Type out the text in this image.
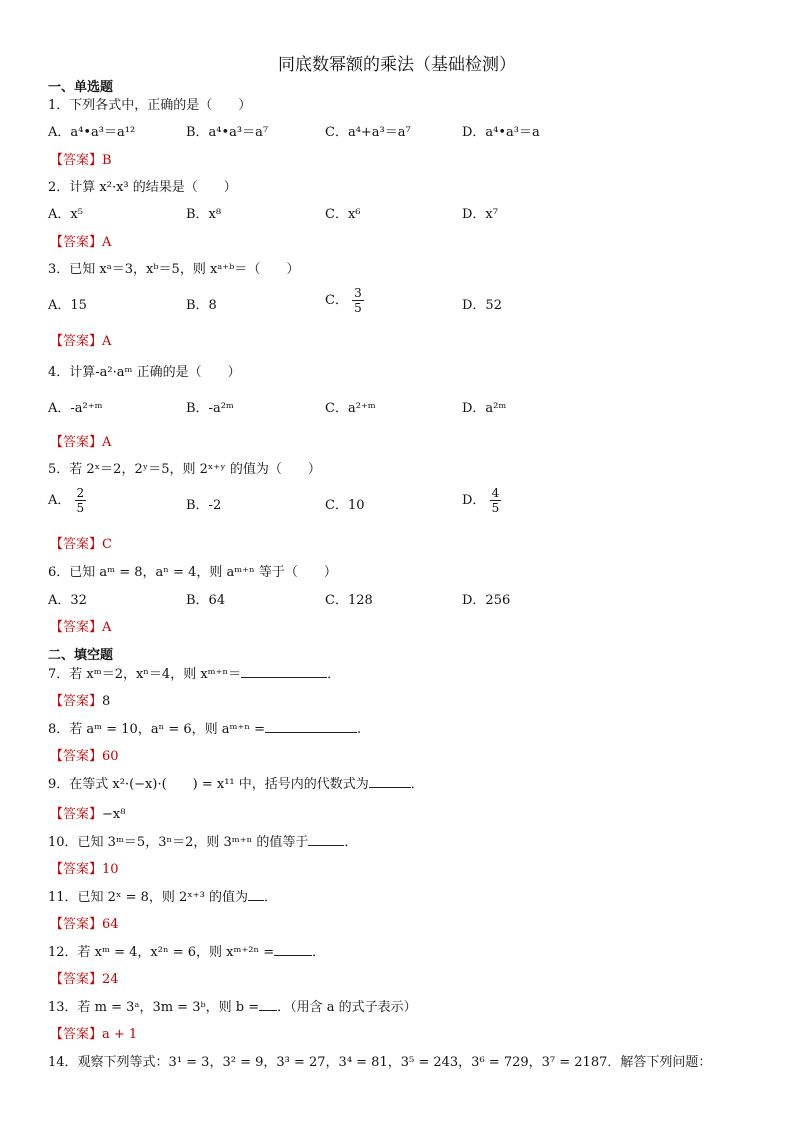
同底数幂额的乘法（基础检测）
一、单选题
1．下列各式中，正确的是（　　）
A．a⁴•a³＝a¹²	B．a⁴•a³＝a⁷	C．a⁴+a³＝a⁷	D．a⁴•a³＝a
【答案】B
2．计算 x²·x³ 的结果是（　　）
A．x⁵	B．x⁸	C．x⁶	D．x⁷
【答案】A
3．已知 xᵃ＝3，xᵇ＝5，则 xᵃ⁺ᵇ＝（　　）
A．15	B．8	C． $\frac{3}{5}$	D．52
【答案】A
4．计算-a²·aᵐ 正确的是（　　）
A．-a²⁺ᵐ	B．-a²ᵐ	C．a²⁺ᵐ	D．a²ᵐ
【答案】A
5．若 2ˣ＝2，2ʸ＝5，则 2ˣ⁺ʸ 的值为（　　）
A． $\frac{2}{5}$	B．-2	C．10	D． $\frac{4}{5}$
【答案】C
6．已知 aᵐ = 8，aⁿ = 4，则 aᵐ⁺ⁿ 等于（　　）
A．32	B．64	C．128	D．256
【答案】A
二、填空题
7．若 xᵐ＝2，xⁿ＝4，则 xᵐ⁺ⁿ＝	．
【答案】8
8．若 aᵐ = 10，aⁿ = 6，则 aᵐ⁺ⁿ =	.
【答案】60
9．在等式 x²·(−x)·(　　) = x¹¹ 中，括号内的代数式为	．
【答案】−x⁸
10．已知 3ᵐ＝5，3ⁿ＝2，则 3ᵐ⁺ⁿ 的值等于	．
【答案】10
11．已知 2ˣ = 8，则 2ˣ⁺³ 的值为 ．
【答案】64
12．若 xᵐ = 4，x²ⁿ = 6，则 xᵐ⁺²ⁿ =	．
【答案】24
13．若 m = 3ᵃ，3m = 3ᵇ，则 b = ．（用含 a 的式子表示）
【答案】a + 1
14．观察下列等式：3¹ = 3，3² = 9，3³ = 27，3⁴ = 81，3⁵ = 243，3⁶ = 729，3⁷ = 2187．解答下列问题：
